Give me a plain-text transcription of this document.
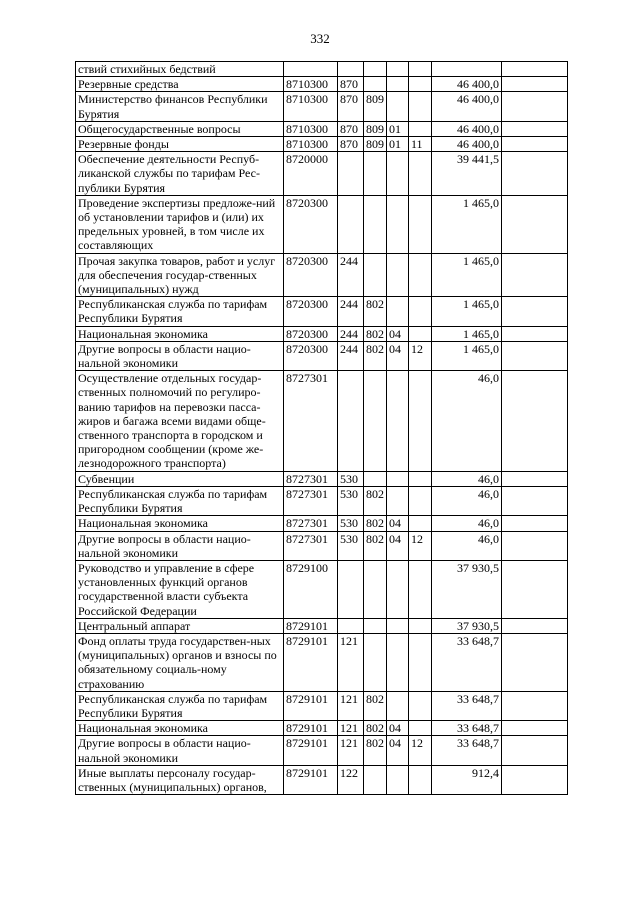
332
ствий стихийных бедствий							
Резервные средства	8710300	870				46 400,0	
Министерство финансов Республики Бурятия	8710300	870	809			46 400,0	
Общегосударственные вопросы	8710300	870	809	01		46 400,0	
Резервные фонды	8710300	870	809	01	11	46 400,0	
Обеспечение деятельности Респуб-ликанской службы по тарифам Рес-публики Бурятия	8720000					39 441,5	
Проведение экспертизы предложе-ний об установлении тарифов и (или) их предельных уровней, в том числе их составляющих	8720300					1 465,0	
Прочая закупка товаров, работ и услуг для обеспечения государ-ственных (муниципальных) нужд	8720300	244				1 465,0	
Республиканская служба по тарифам Республики Бурятия	8720300	244	802			1 465,0	
Национальная экономика	8720300	244	802	04		1 465,0	
Другие вопросы в области нацио-нальной экономики	8720300	244	802	04	12	1 465,0	
Осуществление отдельных государ-ственных полномочий по регулиро-ванию тарифов на перевозки пасса-жиров и багажа всеми видами обще-ственного транспорта в городском и пригородном сообщении (кроме же-лезнодорожного транспорта)	8727301					46,0	
Субвенции	8727301	530				46,0	
Республиканская служба по тарифам Республики Бурятия	8727301	530	802			46,0	
Национальная экономика	8727301	530	802	04		46,0	
Другие вопросы в области нацио-нальной экономики	8727301	530	802	04	12	46,0	
Руководство и управление в сфере установленных функций органов государственной власти субъекта Российской Федерации	8729100					37 930,5	
Центральный аппарат	8729101					37 930,5	
Фонд оплаты труда государствен-ных (муниципальных) органов и взносы по обязательному социаль-ному страхованию	8729101	121				33 648,7	
Республиканская служба по тарифам Республики Бурятия	8729101	121	802			33 648,7	
Национальная экономика	8729101	121	802	04		33 648,7	
Другие вопросы в области нацио-нальной экономики	8729101	121	802	04	12	33 648,7	
Иные выплаты персоналу государ-ственных (муниципальных) органов,	8729101	122				912,4	
